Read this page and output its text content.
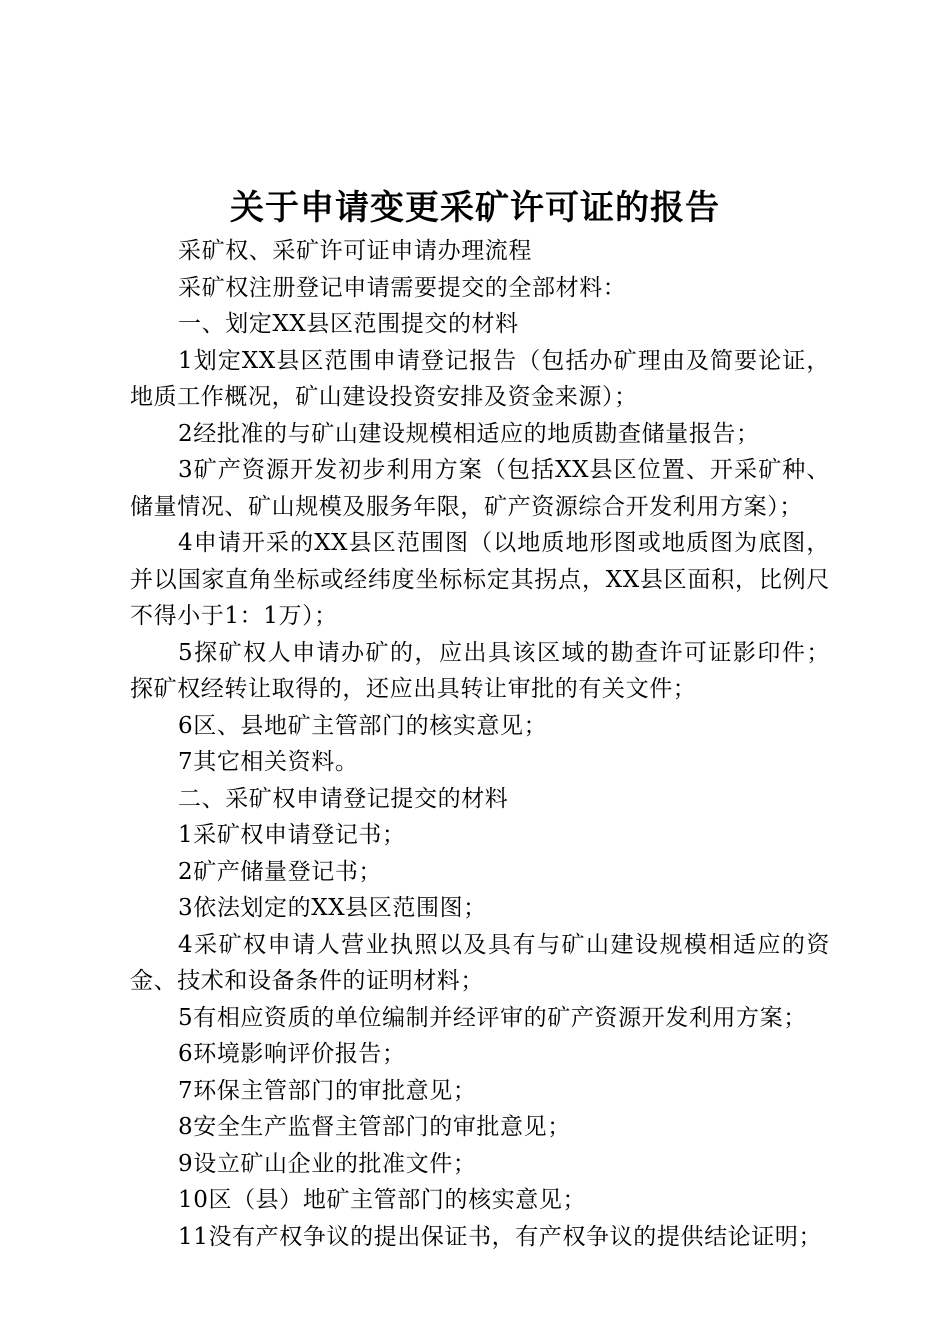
关于申请变更采矿许可证的报告

采矿权、采矿许可证申请办理流程

采矿权注册登记申请需要提交的全部材料：

一、划定XX县区范围提交的材料

1划定XX县区范围申请登记报告（包括办矿理由及简要论证，地质工作概况，矿山建设投资安排及资金来源）；

2经批准的与矿山建设规模相适应的地质勘查储量报告；

3矿产资源开发初步利用方案（包括XX县区位置、开采矿种、储量情况、矿山规模及服务年限，矿产资源综合开发利用方案）；

4申请开采的XX县区范围图（以地质地形图或地质图为底图，并以国家直角坐标或经纬度坐标标定其拐点，XX县区面积，比例尺不得小于1：1万）；

5探矿权人申请办矿的，应出具该区域的勘查许可证影印件；探矿权经转让取得的，还应出具转让审批的有关文件；

6区、县地矿主管部门的核实意见；

7其它相关资料。

二、采矿权申请登记提交的材料

1采矿权申请登记书；

2矿产储量登记书；

3依法划定的XX县区范围图；

4采矿权申请人营业执照以及具有与矿山建设规模相适应的资金、技术和设备条件的证明材料；

5有相应资质的单位编制并经评审的矿产资源开发利用方案；

6环境影响评价报告；

7环保主管部门的审批意见；

8安全生产监督主管部门的审批意见；

9设立矿山企业的批准文件；

10区（县）地矿主管部门的核实意见；

11没有产权争议的提出保证书，有产权争议的提供结论证明；
